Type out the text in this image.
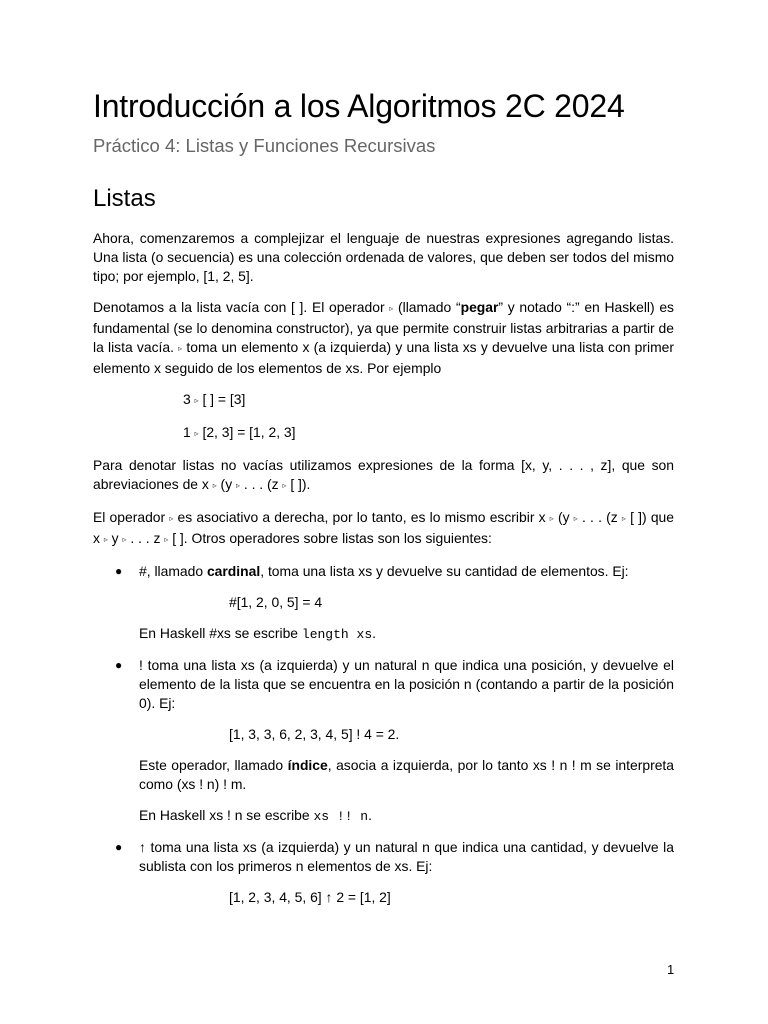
Introducción a los Algoritmos 2C 2024
Práctico 4: Listas y Funciones Recursivas
Listas

Ahora, comenzaremos a complejizar el lenguaje de nuestras expresiones agregando listas. Una lista (o secuencia) es una colección ordenada de valores, que deben ser todos del mismo tipo; por ejemplo, [1, 2, 5].

Denotamos a la lista vacía con [ ]. El operador ▹ (llamado “pegar” y notado “:” en Haskell) es fundamental (se lo denomina constructor), ya que permite construir listas arbitrarias a partir de la lista vacía. ▹ toma un elemento x (a izquierda) y una lista xs y devuelve una lista con primer elemento x seguido de los elementos de xs. Por ejemplo

3 ▹ [ ] = [3]
1 ▹ [2, 3] = [1, 2, 3]

Para denotar listas no vacías utilizamos expresiones de la forma [x, y, . . . , z], que son abreviaciones de x ▹ (y ▹ . . . (z ▹ [ ]).

El operador ▹ es asociativo a derecha, por lo tanto, es lo mismo escribir x ▹ (y ▹ . . . (z ▹ [ ]) que x ▹ y ▹ . . . z ▹ [ ]. Otros operadores sobre listas son los siguientes:

● #, llamado cardinal, toma una lista xs y devuelve su cantidad de elementos. Ej:

#[1, 2, 0, 5] = 4

En Haskell #xs se escribe length xs.

● ! toma una lista xs (a izquierda) y un natural n que indica una posición, y devuelve el elemento de la lista que se encuentra en la posición n (contando a partir de la posición 0). Ej:

[1, 3, 3, 6, 2, 3, 4, 5] ! 4 = 2.

Este operador, llamado índice, asocia a izquierda, por lo tanto xs ! n ! m se interpreta como (xs ! n) ! m.

En Haskell xs ! n se escribe xs !! n.

● ↑ toma una lista xs (a izquierda) y un natural n que indica una cantidad, y devuelve la sublista con los primeros n elementos de xs. Ej:

[1, 2, 3, 4, 5, 6] ↑ 2 = [1, 2]
1
